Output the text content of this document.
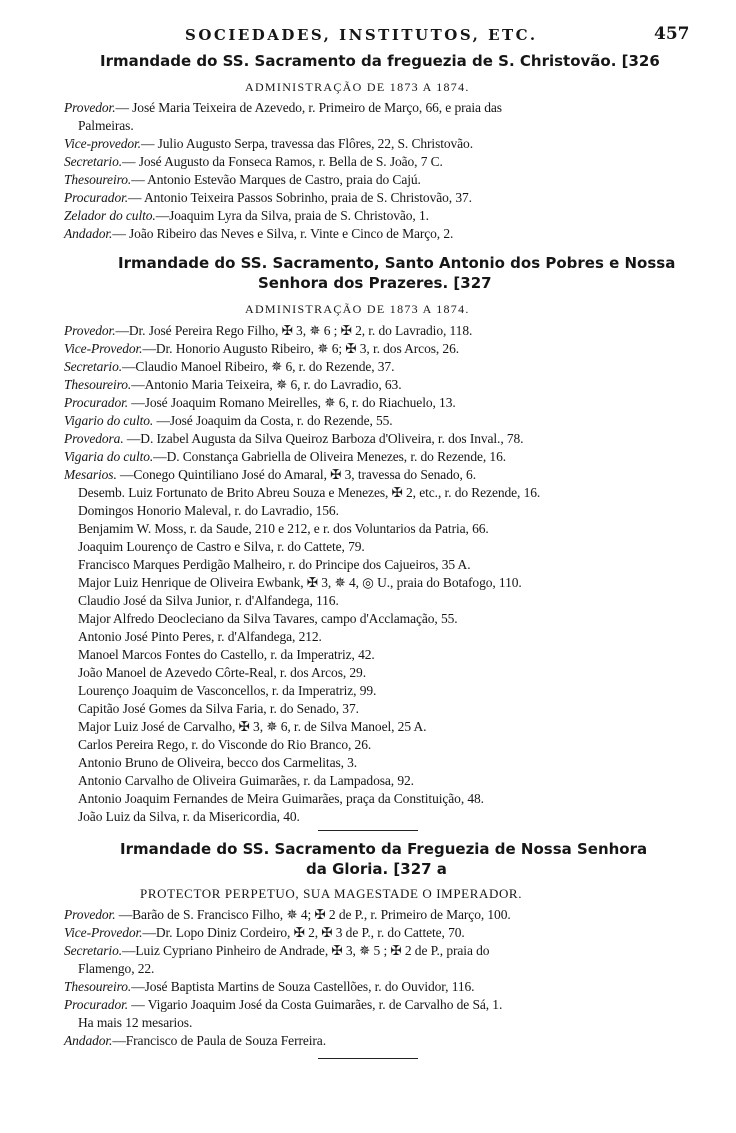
SOCIEDADES, INSTITUTOS, ETC.	457
Irmandade do SS. Sacramento da freguezia de S. Christovão. [326
ADMINISTRAÇÃO DE 1873 A 1874.
Provedor.— José Maria Teixeira de Azevedo, r. Primeiro de Março, 66, e praia das
Palmeiras.
Vice-provedor.— Julio Augusto Serpa, travessa das Flôres, 22, S. Christovão.
Secretario.— José Augusto da Fonseca Ramos, r. Bella de S. João, 7 C.
Thesoureiro.— Antonio Estevão Marques de Castro, praia do Cajú.
Procurador.— Antonio Teixeira Passos Sobrinho, praia de S. Christovão, 37.
Zelador do culto.—Joaquim Lyra da Silva, praia de S. Christovão, 1.
Andador.— João Ribeiro das Neves e Silva, r. Vinte e Cinco de Março, 2.
Irmandade do SS. Sacramento, Santo Antonio dos Pobres e Nossa
Senhora dos Prazeres. [327
ADMINISTRAÇÃO DE 1873 A 1874.
Provedor.—Dr. José Pereira Rego Filho, ✠ 3, ✵ 6 ; ✠ 2, r. do Lavradio, 118.
Vice-Provedor.—Dr. Honorio Augusto Ribeiro, ✵ 6; ✠ 3, r. dos Arcos, 26.
Secretario.—Claudio Manoel Ribeiro, ✵ 6, r. do Rezende, 37.
Thesoureiro.—Antonio Maria Teixeira, ✵ 6, r. do Lavradio, 63.
Procurador. —José Joaquim Romano Meirelles, ✵ 6, r. do Riachuelo, 13.
Vigario do culto. —José Joaquim da Costa, r. do Rezende, 55.
Provedora. —D. Izabel Augusta da Silva Queiroz Barboza d'Oliveira, r. dos Inval., 78.
Vigaria do culto.—D. Constança Gabriella de Oliveira Menezes, r. do Rezende, 16.
Mesarios. —Conego Quintiliano José do Amaral, ✠ 3, travessa do Senado, 6.
Desemb. Luiz Fortunato de Brito Abreu Souza e Menezes, ✠ 2, etc., r. do Rezende, 16.
Domingos Honorio Maleval, r. do Lavradio, 156.
Benjamim W. Moss, r. da Saude, 210 e 212, e r. dos Voluntarios da Patria, 66.
Joaquim Lourenço de Castro e Silva, r. do Cattete, 79.
Francisco Marques Perdigão Malheiro, r. do Principe dos Cajueiros, 35 A.
Major Luiz Henrique de Oliveira Ewbank, ✠ 3, ✵ 4, ◎ U., praia do Botafogo, 110.
Claudio José da Silva Junior, r. d'Alfandega, 116.
Major Alfredo Deocleciano da Silva Tavares, campo d'Acclamação, 55.
Antonio José Pinto Peres, r. d'Alfandega, 212.
Manoel Marcos Fontes do Castello, r. da Imperatriz, 42.
João Manoel de Azevedo Côrte-Real, r. dos Arcos, 29.
Lourenço Joaquim de Vasconcellos, r. da Imperatriz, 99.
Capitão José Gomes da Silva Faria, r. do Senado, 37.
Major Luiz José de Carvalho, ✠ 3, ✵ 6, r. de Silva Manoel, 25 A.
Carlos Pereira Rego, r. do Visconde do Rio Branco, 26.
Antonio Bruno de Oliveira, becco dos Carmelitas, 3.
Antonio Carvalho de Oliveira Guimarães, r. da Lampadosa, 92.
Antonio Joaquim Fernandes de Meira Guimarães, praça da Constituição, 48.
João Luiz da Silva, r. da Misericordia, 40.
Irmandade do SS. Sacramento da Freguezia de Nossa Senhora
da Gloria. [327 a
PROTECTOR PERPETUO, SUA MAGESTADE O IMPERADOR.
Provedor. —Barão de S. Francisco Filho, ✵ 4; ✠ 2 de P., r. Primeiro de Março, 100.
Vice-Provedor.—Dr. Lopo Diniz Cordeiro, ✠ 2, ✠ 3 de P., r. do Cattete, 70.
Secretario.—Luiz Cypriano Pinheiro de Andrade, ✠ 3, ✵ 5 ; ✠ 2 de P., praia do
Flamengo, 22.
Thesoureiro.—José Baptista Martins de Souza Castellões, r. do Ouvidor, 116.
Procurador. — Vigario Joaquim José da Costa Guimarães, r. de Carvalho de Sá, 1.
Ha mais 12 mesarios.
Andador.—Francisco de Paula de Souza Ferreira.
